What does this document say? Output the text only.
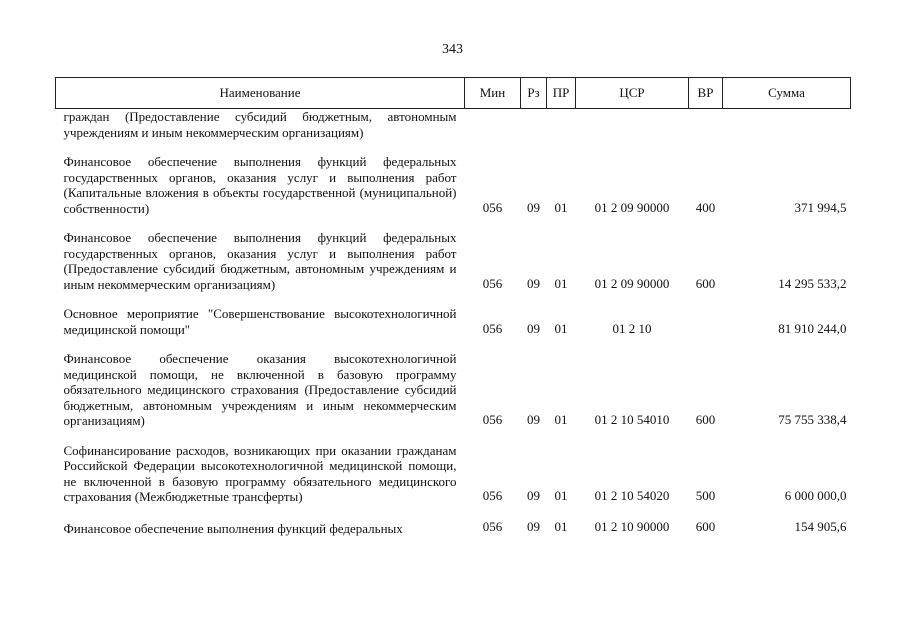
343
Наименование	Мин	Рз	ПР	ЦСР	ВР	Сумма
граждан (Предоставление субсидий бюджетным, автономным учреждениям и иным некоммерческим организациям)						

Финансовое обеспечение выполнения функций федеральных государственных органов, оказания услуг и выполнения работ (Капитальные вложения в объекты государственной (муниципальной) собственности)	056	09	01	01 2 09 90000	400	371 994,5

Финансовое обеспечение выполнения функций федеральных государственных органов, оказания услуг и выполнения работ (Предоставление субсидий бюджетным, автономным учреждениям и иным некоммерческим организациям)	056	09	01	01 2 09 90000	600	14 295 533,2

Основное мероприятие "Совершенствование высокотехнологичной медицинской помощи"	056	09	01	01 2 10		81 910 244,0

Финансовое обеспечение оказания высокотехнологичной медицинской помощи, не включенной в базовую программу обязательного медицинского страхования (Предоставление субсидий бюджетным, автономным учреждениям и иным некоммерческим организациям)	056	09	01	01 2 10 54010	600	75 755 338,4

Софинансирование расходов, возникающих при оказании гражданам Российской Федерации высокотехнологичной медицинской помощи, не включенной в базовую программу обязательного медицинского страхования (Межбюджетные трансферты)	056	09	01	01 2 10 54020	500	6 000 000,0

Финансовое обеспечение выполнения функций федеральных	056	09	01	01 2 10 90000	600	154 905,6
